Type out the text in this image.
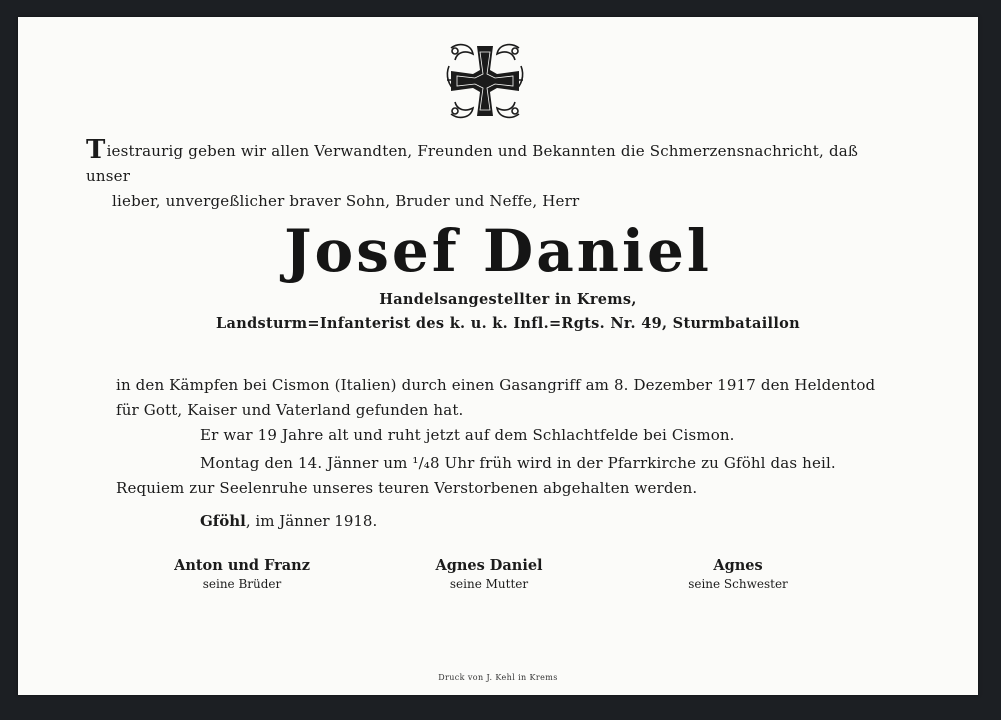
Tiestraurig geben wir allen Verwandten, Freunden und Bekannten die Schmerzensnachricht, daß unser
lieber, unvergeßlicher braver Sohn, Bruder und Neffe, Herr
Josef Daniel
Handelsangestellter in Krems,
Landsturm=Infanterist des k. u. k. Infl.=Rgts. Nr. 49, Sturmbataillon
in den Kämpfen bei Cismon (Italien) durch einen Gasangriff am 8. Dezember 1917 den Heldentod
für Gott, Kaiser und Vaterland gefunden hat.
Er war 19 Jahre alt und ruht jetzt auf dem Schlachtfelde bei Cismon.
Montag den 14. Jänner um ¹/₄8 Uhr früh wird in der Pfarrkirche zu Gföhl das heil.
Requiem zur Seelenruhe unseres teuren Verstorbenen abgehalten werden.
Gföhl, im Jänner 1918.
Anton und Franz
seine Brüder
Agnes Daniel
seine Mutter
Agnes
seine Schwester
Druck von J. Kehl in Krems
